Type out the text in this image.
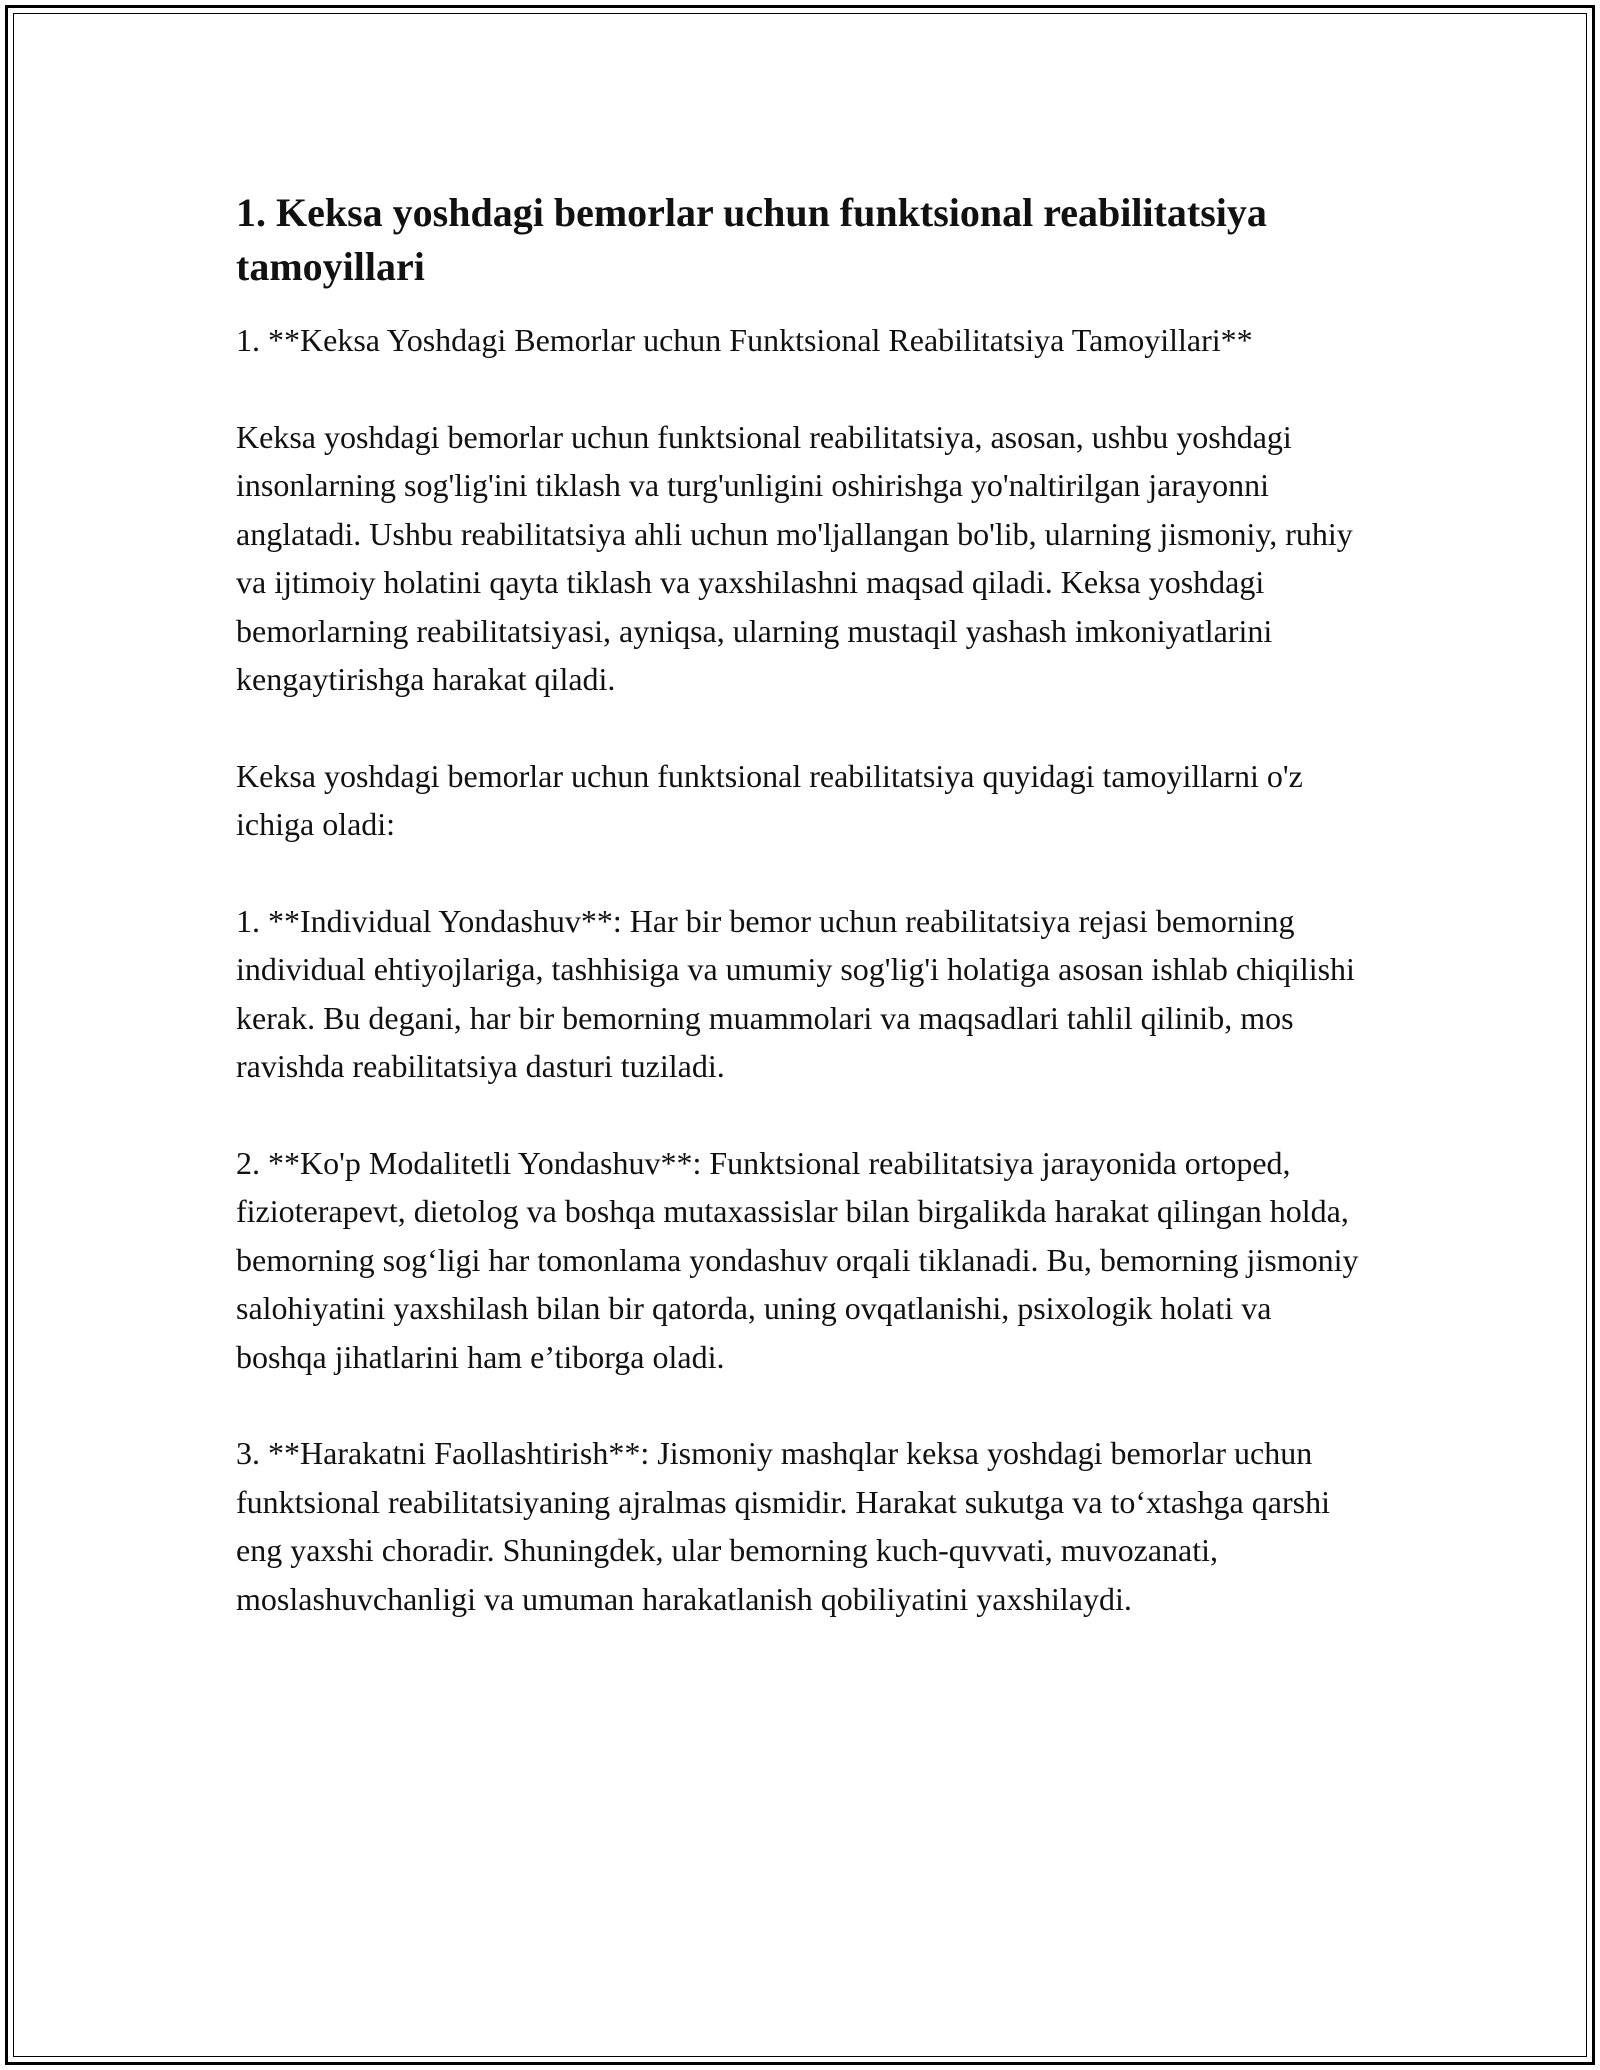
1. Keksa yoshdagi bemorlar uchun funktsional reabilitatsiya tamoyillari

1. **Keksa Yoshdagi Bemorlar uchun Funktsional Reabilitatsiya Tamoyillari**

Keksa yoshdagi bemorlar uchun funktsional reabilitatsiya, asosan, ushbu yoshdagi insonlarning sog'lig'ini tiklash va turg'unligini oshirishga yo'naltirilgan jarayonni anglatadi. Ushbu reabilitatsiya ahli uchun mo'ljallangan bo'lib, ularning jismoniy, ruhiy va ijtimoiy holatini qayta tiklash va yaxshilashni maqsad qiladi. Keksa yoshdagi bemorlarning reabilitatsiyasi, ayniqsa, ularning mustaqil yashash imkoniyatlarini kengaytirishga harakat qiladi.

Keksa yoshdagi bemorlar uchun funktsional reabilitatsiya quyidagi tamoyillarni o'z ichiga oladi:

1. **Individual Yondashuv**: Har bir bemor uchun reabilitatsiya rejasi bemorning individual ehtiyojlariga, tashhisiga va umumiy sog'lig'i holatiga asosan ishlab chiqilishi kerak. Bu degani, har bir bemorning muammolari va maqsadlari tahlil qilinib, mos ravishda reabilitatsiya dasturi tuziladi.

2. **Ko'p Modalitetli Yondashuv**: Funktsional reabilitatsiya jarayonida ortoped, fizioterapevt, dietolog va boshqa mutaxassislar bilan birgalikda harakat qilingan holda, bemorning sog‘ligi har tomonlama yondashuv orqali tiklanadi. Bu, bemorning jismoniy salohiyatini yaxshilash bilan bir qatorda, uning ovqatlanishi, psixologik holati va boshqa jihatlarini ham e’tiborga oladi.

3. **Harakatni Faollashtirish**: Jismoniy mashqlar keksa yoshdagi bemorlar uchun funktsional reabilitatsiyaning ajralmas qismidir. Harakat sukutga va to‘xtashga qarshi eng yaxshi choradir. Shuningdek, ular bemorning kuch-quvvati, muvozanati, moslashuvchanligi va umuman harakatlanish qobiliyatini yaxshilaydi.
